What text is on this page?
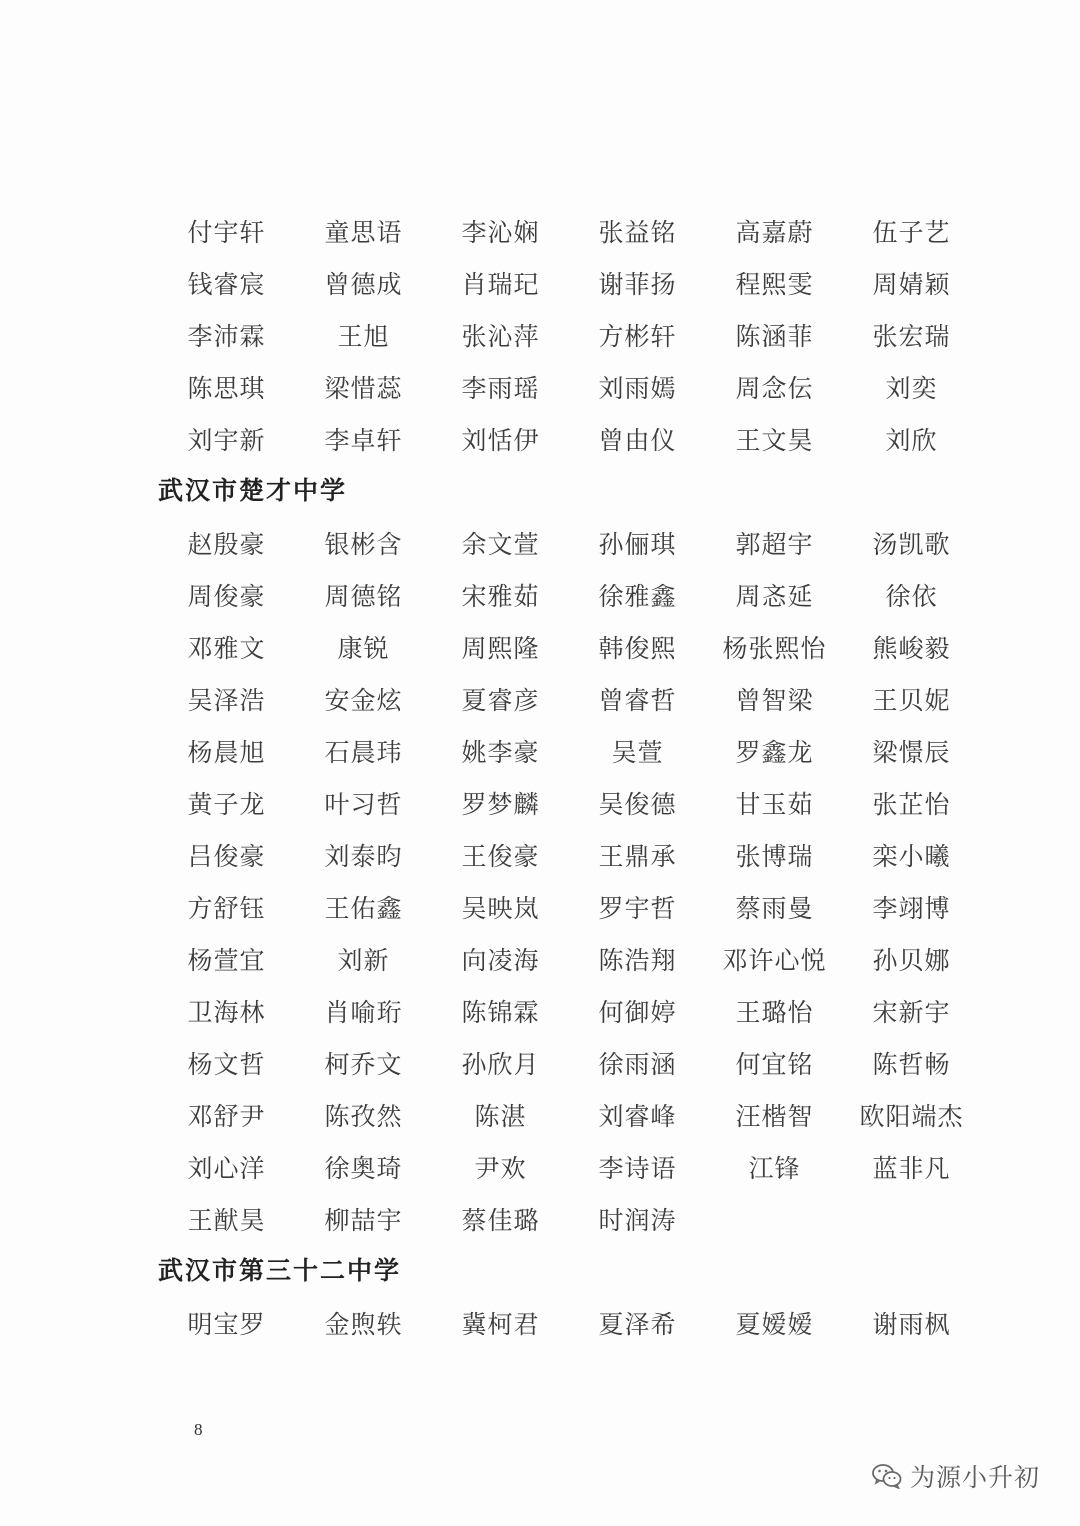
付宇轩	童思语	李沁娴	张益铭	高嘉蔚	伍子艺
钱睿宸	曾德成	肖瑞玘	谢菲扬	程熙雯	周婧颖
李沛霖	王旭	张沁萍	方彬轩	陈涵菲	张宏瑞
陈思琪	梁惜蕊	李雨瑶	刘雨嫣	周念伝	刘奕
刘宇新	李卓轩	刘恬伊	曾由仪	王文昊	刘欣
武汉市楚才中学
赵殷豪	银彬含	余文萱	孙俪琪	郭超宇	汤凯歌
周俊豪	周德铭	宋雅茹	徐雅鑫	周忞延	徐依
邓雅文	康锐	周熙隆	韩俊熙	杨张熙怡	熊峻毅
吴泽浩	安金炫	夏睿彦	曾睿哲	曾智梁	王贝妮
杨晨旭	石晨玮	姚李豪	吴萱	罗鑫龙	梁憬辰
黄子龙	叶习哲	罗梦麟	吴俊德	甘玉茹	张芷怡
吕俊豪	刘泰昀	王俊豪	王鼎承	张博瑞	栾小曦
方舒钰	王佑鑫	吴映岚	罗宇哲	蔡雨曼	李翊博
杨萱宜	刘新	向凌海	陈浩翔	邓许心悦	孙贝娜
卫海林	肖喻珩	陈锦霖	何御婷	王璐怡	宋新宇
杨文哲	柯乔文	孙欣月	徐雨涵	何宜铭	陈哲畅
邓舒尹	陈孜然	陈湛	刘睿峰	汪楷智	欧阳端杰
刘心洋	徐奥琦	尹欢	李诗语	江锋	蓝非凡
王猷昊	柳喆宇	蔡佳璐	时润涛
武汉市第三十二中学
明宝罗	金煦轶	冀柯君	夏泽希	夏嫒嫒	谢雨枫
8
为源小升初
